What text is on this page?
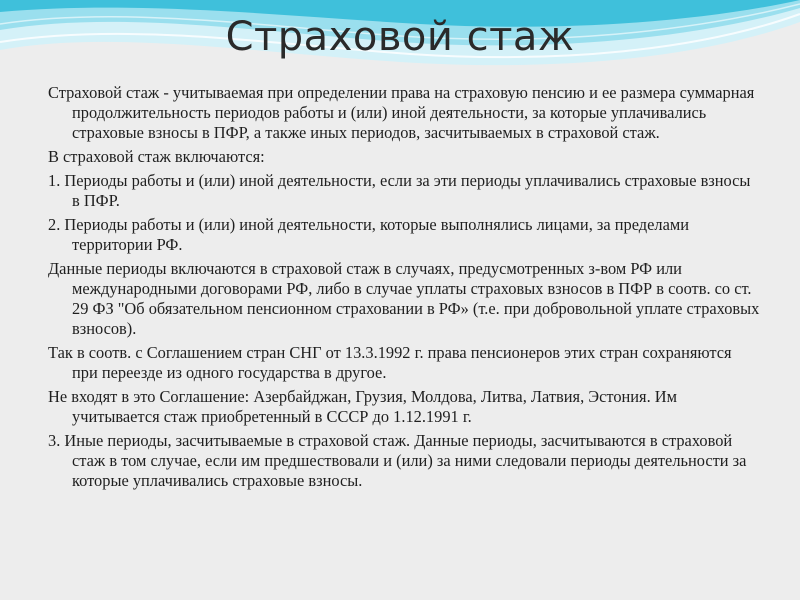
Страховой стаж

Страховой стаж - учитываемая при определении права на страховую пенсию и ее размера суммарная продолжительность периодов работы и (или) иной деятельности, за которые уплачивались страховые взносы в ПФР, а также иных периодов, засчитываемых в страховой стаж.

В страховой стаж включаются:

1. Периоды работы и (или) иной деятельности, если за эти периоды уплачивались страховые взносы в ПФР.

2. Периоды работы и (или) иной деятельности, которые выполнялись лицами, за пределами территории РФ.

Данные периоды включаются в страховой стаж в случаях, предусмотренных з-вом РФ или международными договорами РФ, либо в случае уплаты страховых взносов в ПФР в соотв. со ст. 29 ФЗ "Об обязательном пенсионном страховании в РФ» (т.е. при добровольной уплате страховых взносов).

Так в соотв. с Соглашением стран СНГ от 13.3.1992 г. права пенсионеров этих стран сохраняются при переезде из одного государства в другое.

Не входят в это Соглашение: Азербайджан, Грузия, Молдова, Литва, Латвия, Эстония. Им учитывается стаж приобретенный в СССР до 1.12.1991 г.

3. Иные периоды, засчитываемые в страховой стаж. Данные периоды, засчитываются в страховой стаж в том случае, если им предшествовали и (или) за ними следовали периоды деятельности за которые уплачивались страховые взносы.
